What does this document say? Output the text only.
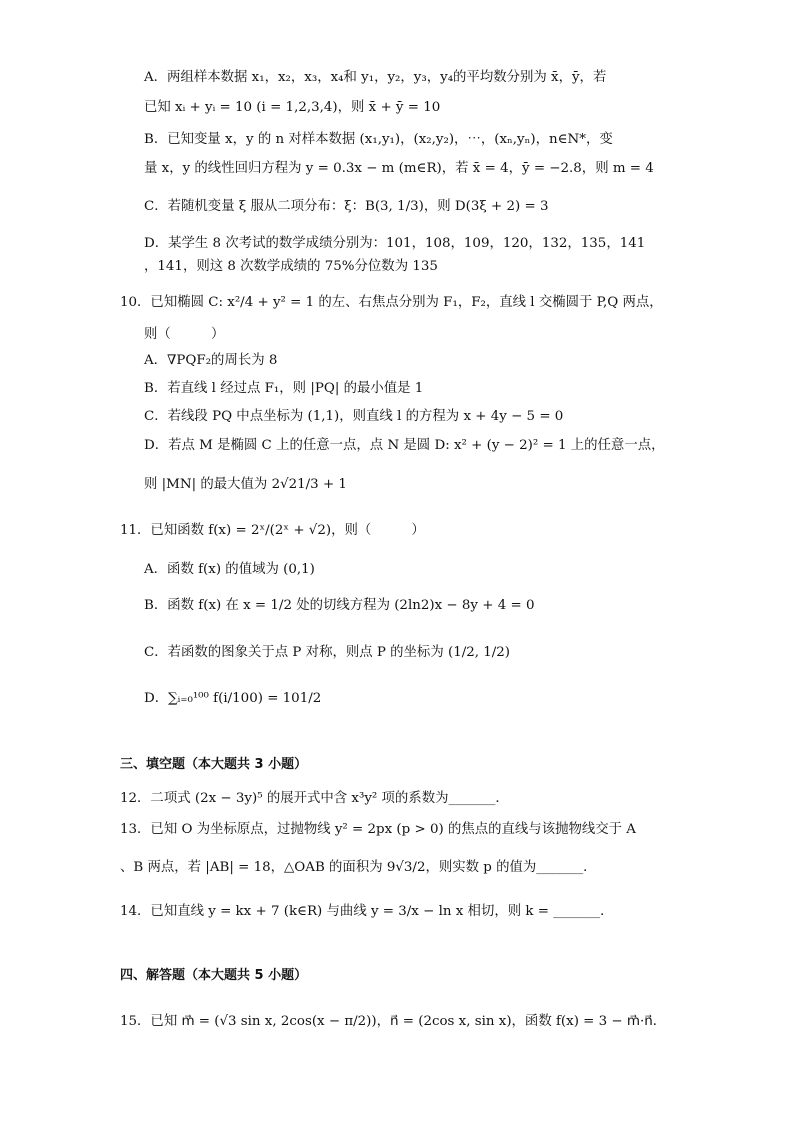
A．两组样本数据 x₁，x₂，x₃，x₄和 y₁，y₂，y₃，y₄的平均数分别为 x̄，ȳ，若
已知 xᵢ + yᵢ = 10 (i = 1,2,3,4)，则 x̄ + ȳ = 10
B．已知变量 x，y 的 n 对样本数据 (x₁,y₁)，(x₂,y₂)，⋯，(xₙ,yₙ)，n∈N*，变
量 x，y 的线性回归方程为 y = 0.3x − m (m∈R)，若 x̄ = 4，ȳ = −2.8，则 m = 4
C．若随机变量 ξ 服从二项分布：ξ：B(3, 1/3)，则 D(3ξ + 2) = 3
D．某学生 8 次考试的数学成绩分别为：101，108，109，120，132，135，141
，141，则这 8 次数学成绩的 75%分位数为 135
10．已知椭圆 C: x²/4 + y² = 1 的左、右焦点分别为 F₁，F₂，直线 l 交椭圆于 P,Q 两点，
则（　　　）
A．∇PQF₂的周长为 8
B．若直线 l 经过点 F₁，则 |PQ| 的最小值是 1
C．若线段 PQ 中点坐标为 (1,1)，则直线 l 的方程为 x + 4y − 5 = 0
D．若点 M 是椭圆 C 上的任意一点，点 N 是圆 D: x² + (y − 2)² = 1 上的任意一点，
则 |MN| 的最大值为 2√21/3 + 1
11．已知函数 f(x) = 2ˣ/(2ˣ + √2)，则（　　　）
A．函数 f(x) 的值域为 (0,1)
B．函数 f(x) 在 x = 1/2 处的切线方程为 (2ln2)x − 8y + 4 = 0
C．若函数的图象关于点 P 对称，则点 P 的坐标为 (1/2, 1/2)
D．∑ᵢ₌₀¹⁰⁰ f(i/100) = 101/2
三、填空题（本大题共 3 小题）
12．二项式 (2x − 3y)⁵ 的展开式中含 x³y² 项的系数为_______．
13．已知 O 为坐标原点，过抛物线 y² = 2px (p > 0) 的焦点的直线与该抛物线交于 A
、B 两点，若 |AB| = 18，△OAB 的面积为 9√3/2，则实数 p 的值为_______．
14．已知直线 y = kx + 7 (k∈R) 与曲线 y = 3/x − ln x 相切，则 k = _______．
四、解答题（本大题共 5 小题）
15．已知 m⃗ = (√3 sin x, 2cos(x − π/2))，n⃗ = (2cos x, sin x)，函数 f(x) = 3 − m⃗·n⃗．
